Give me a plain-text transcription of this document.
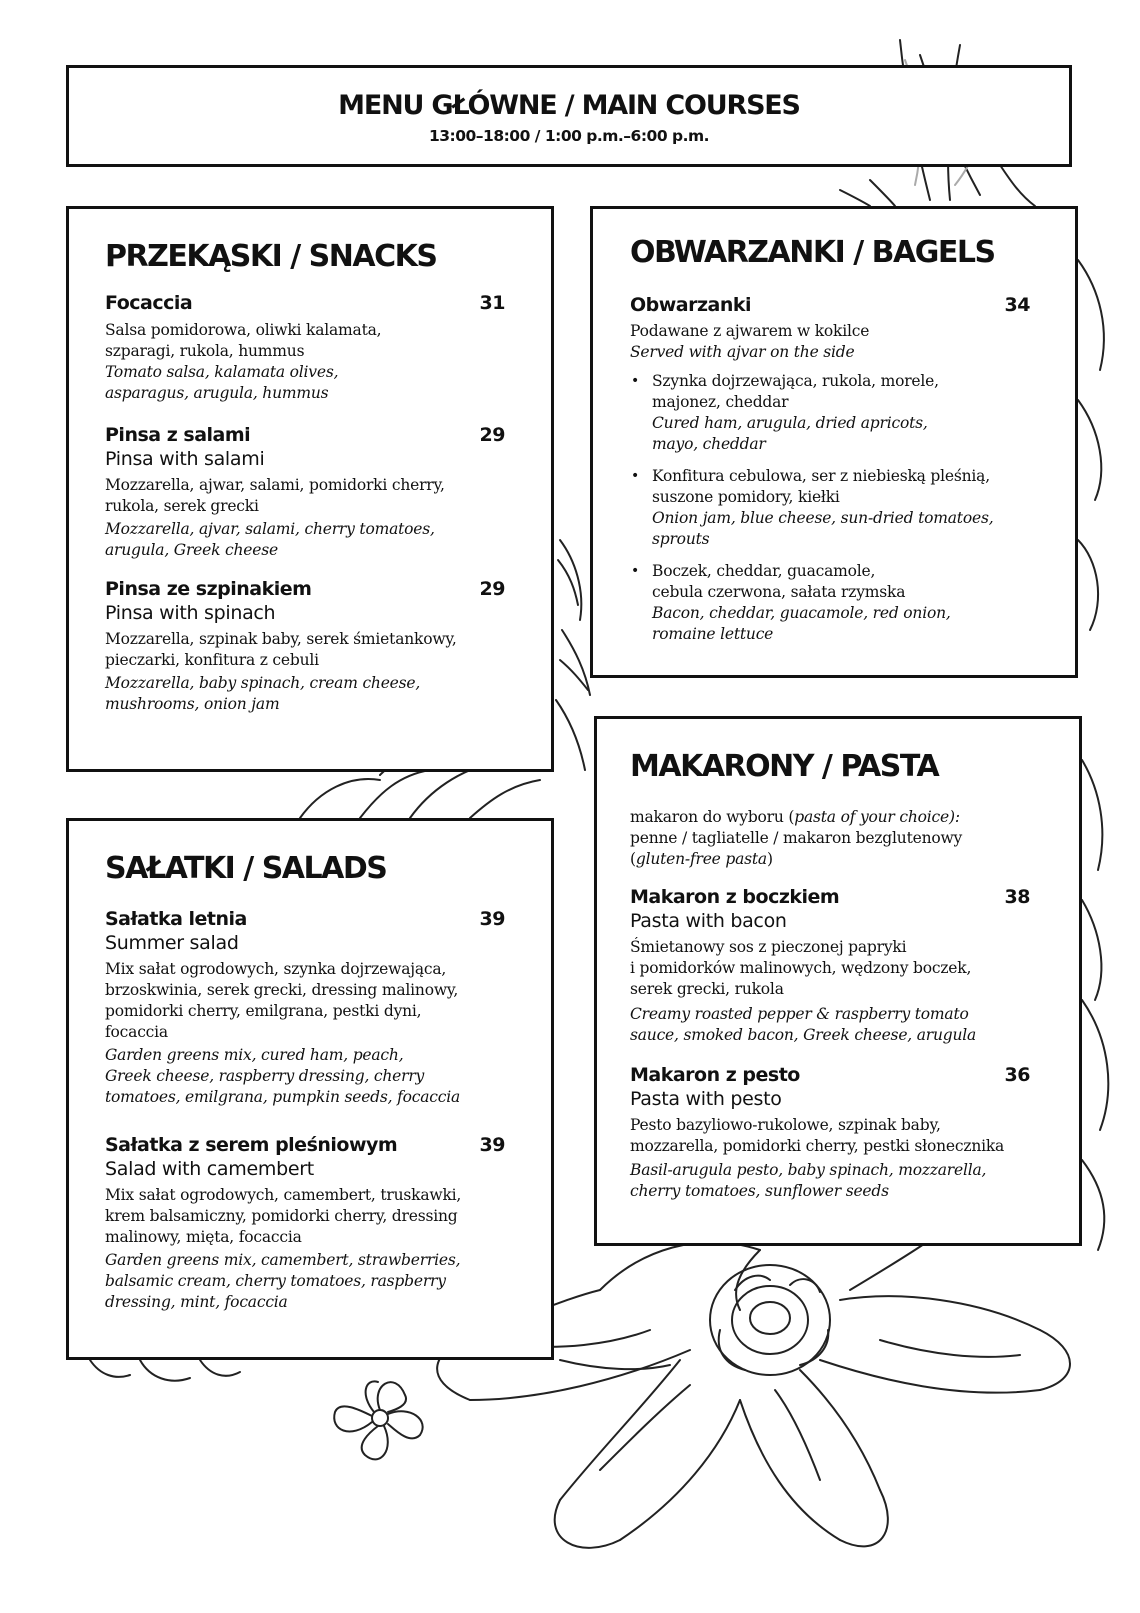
MENU GŁÓWNE / MAIN COURSES
13:00–18:00 / 1:00 p.m.–6:00 p.m.
PRZEKĄSKI / SNACKS
Focaccia	31
Salsa pomidorowa, oliwki kalamata,
szparagi, rukola, hummus
Tomato salsa, kalamata olives,
asparagus, arugula, hummus
Pinsa z salami	29
Pinsa with salami
Mozzarella, ajwar, salami, pomidorki cherry,
rukola, serek grecki
Mozzarella, ajvar, salami, cherry tomatoes,
arugula, Greek cheese
Pinsa ze szpinakiem	29
Pinsa with spinach
Mozzarella, szpinak baby, serek śmietankowy,
pieczarki, konfitura z cebuli
Mozzarella, baby spinach, cream cheese,
mushrooms, onion jam
OBWARZANKI / BAGELS
Obwarzanki	34
Podawane z ajwarem w kokilce
Served with ajvar on the side
• Szynka dojrzewająca, rukola, morele,
majonez, cheddar
Cured ham, arugula, dried apricots,
mayo, cheddar
• Konfitura cebulowa, ser z niebieską pleśnią,
suszone pomidory, kiełki
Onion jam, blue cheese, sun-dried tomatoes,
sprouts
• Boczek, cheddar, guacamole,
cebula czerwona, sałata rzymska
Bacon, cheddar, guacamole, red onion,
romaine lettuce
SAŁATKI / SALADS
Sałatka letnia	39
Summer salad
Mix sałat ogrodowych, szynka dojrzewająca,
brzoskwinia, serek grecki, dressing malinowy,
pomidorki cherry, emilgrana, pestki dyni,
focaccia
Garden greens mix, cured ham, peach,
Greek cheese, raspberry dressing, cherry
tomatoes, emilgrana, pumpkin seeds, focaccia
Sałatka z serem pleśniowym	39
Salad with camembert
Mix sałat ogrodowych, camembert, truskawki,
krem balsamiczny, pomidorki cherry, dressing
malinowy, mięta, focaccia
Garden greens mix, camembert, strawberries,
balsamic cream, cherry tomatoes, raspberry
dressing, mint, focaccia
MAKARONY / PASTA
makaron do wyboru (pasta of your choice):
penne / tagliatelle / makaron bezglutenowy
(gluten-free pasta)
Makaron z boczkiem	38
Pasta with bacon
Śmietanowy sos z pieczonej papryki
i pomidorków malinowych, wędzony boczek,
serek grecki, rukola
Creamy roasted pepper & raspberry tomato
sauce, smoked bacon, Greek cheese, arugula
Makaron z pesto	36
Pasta with pesto
Pesto bazyliowo-rukolowe, szpinak baby,
mozzarella, pomidorki cherry, pestki słonecznika
Basil-arugula pesto, baby spinach, mozzarella,
cherry tomatoes, sunflower seeds
